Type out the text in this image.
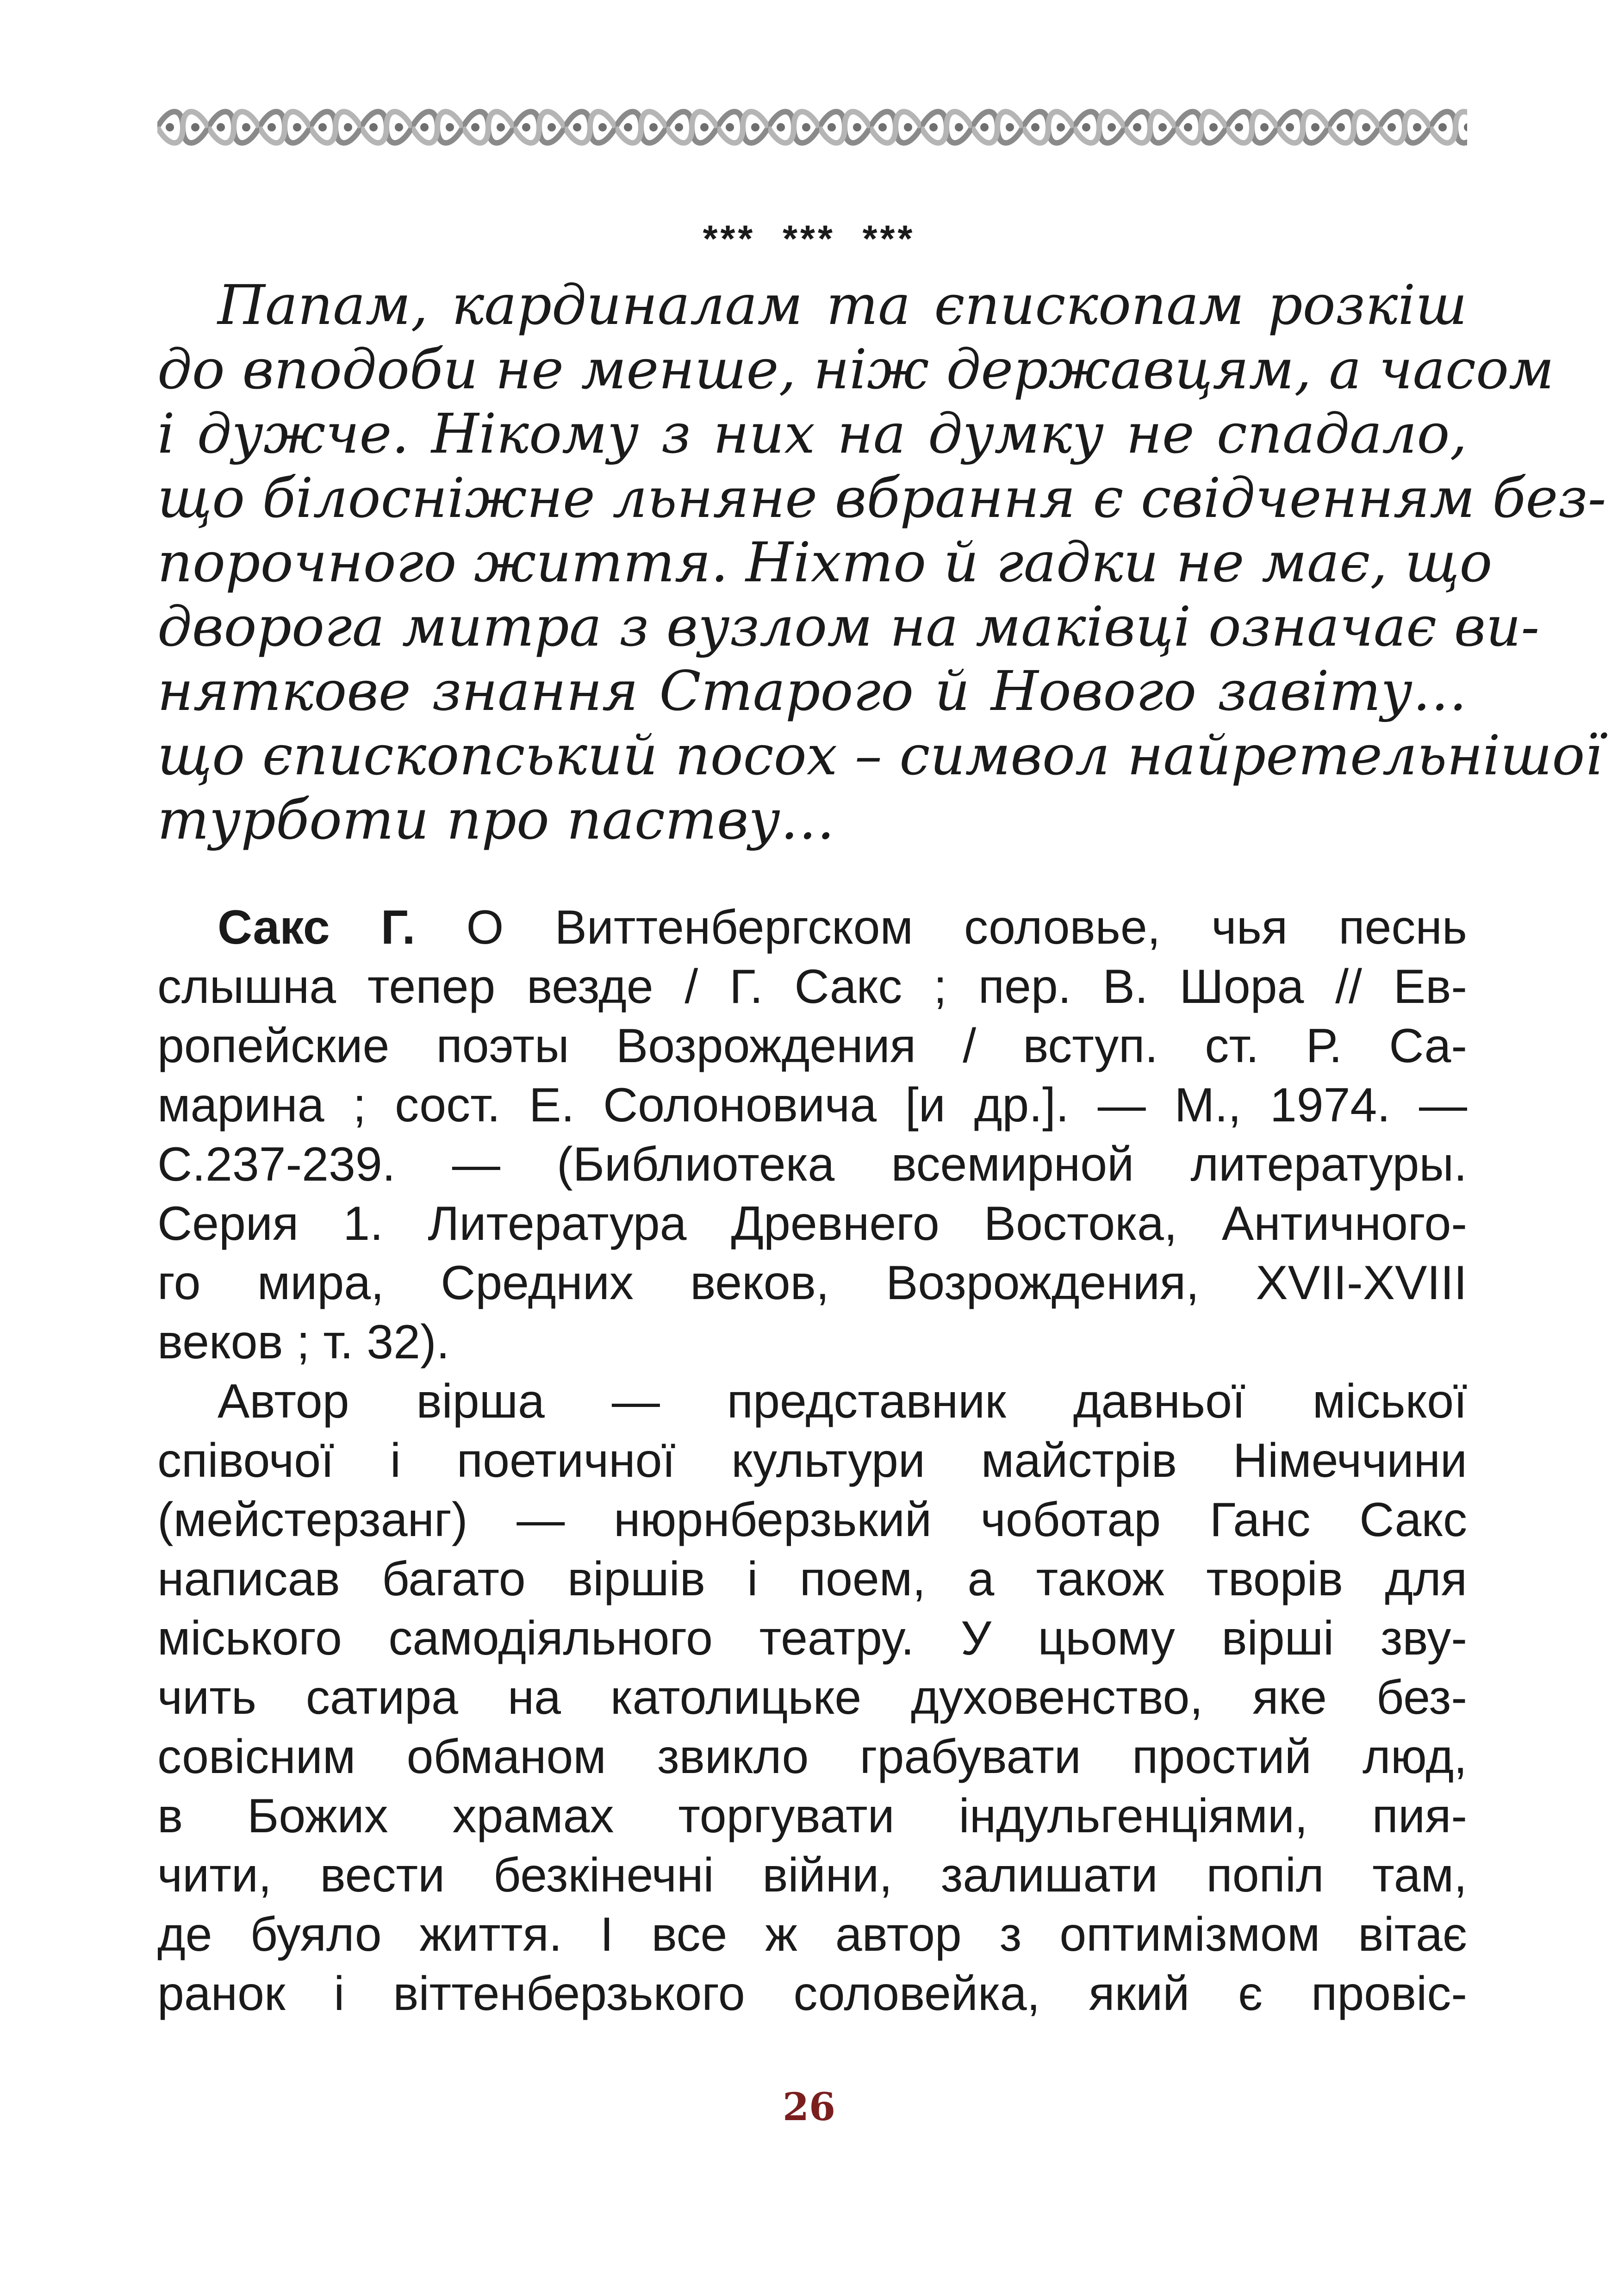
*** *** ***
Папам, кардиналам та єпископам розкіш
до вподоби не менше, ніж державцям, а часом
і дужче. Нікому з них на думку не спадало,
що білосніжне льняне вбрання є свідченням без-
порочного життя. Ніхто й гадки не має, що
дворога митра з вузлом на маківці означає ви-
няткове знання Старого й Нового завіту…
що єпископський посох – символ найретельнішої
турботи про паству…
Сакс Г. О Виттенбергском соловье, чья песнь
слышна тепер везде / Г. Сакс ; пер. В. Шора // Ев-
ропейские поэты Возрождения / вступ. ст. Р. Са-
марина ; сост. Е. Солоновича [и др.]. — М., 1974. —
С.237-239. — (Библиотека всемирной литературы.
Серия 1. Литература Древнего Востока, Античного-
го мира, Средних веков, Возрождения, XVII-XVIII
веков ; т. 32).
Автор вірша — представник давньої міської
співочої і поетичної культури майстрів Німеччини
(мейстерзанг) — нюрнберзький чоботар Ганс Сакс
написав багато віршів і поем, а також творів для
міського самодіяльного театру. У цьому вірші зву-
чить сатира на католицьке духовенство, яке без-
совісним обманом звикло грабувати простий люд,
в Божих храмах торгувати індульгенціями, пия-
чити, вести безкінечні війни, залишати попіл там,
де буяло життя. І все ж автор з оптимізмом вітає
ранок і віттенберзького соловейка, який є провіс-
26
